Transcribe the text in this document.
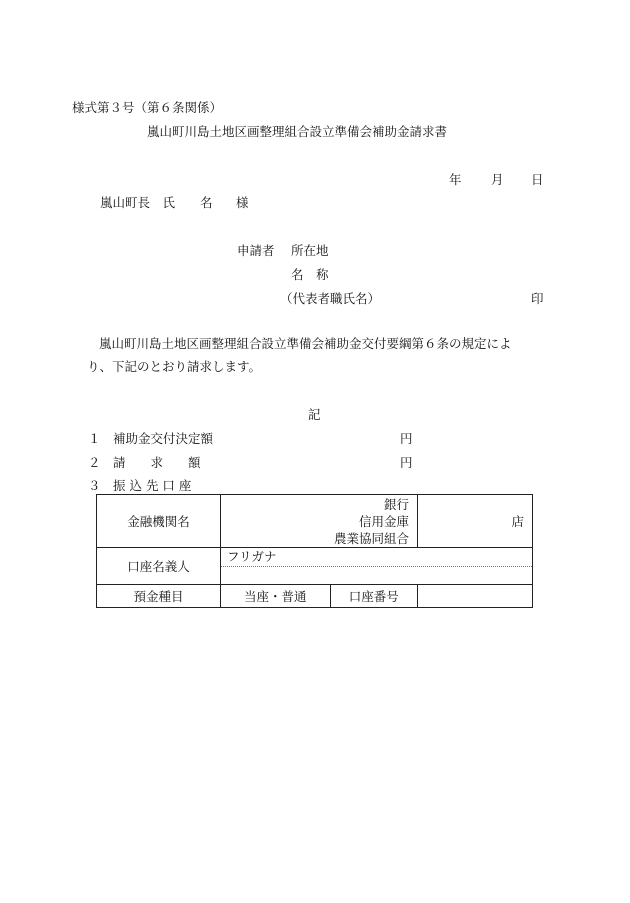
様式第３号（第６条関係）
嵐山町川島土地区画整理組合設立準備会補助金請求書
年 月 日
嵐山町長　氏　　名 様
申請者 所在地
名　称
（代表者職氏名）	印
嵐山町川島土地区画整理組合設立準備会補助金交付要綱第６条の規定によ
り、下記のとおり請求します。
記
１ 補助金交付決定額	円
２ 請　　求　　額	円
３ 振 込 先 口 座
金融機関名	銀行
信用金庫
農業協同組合		店
口座名義人	フリガナ		

預金種目	当座・普通	口座番号	
